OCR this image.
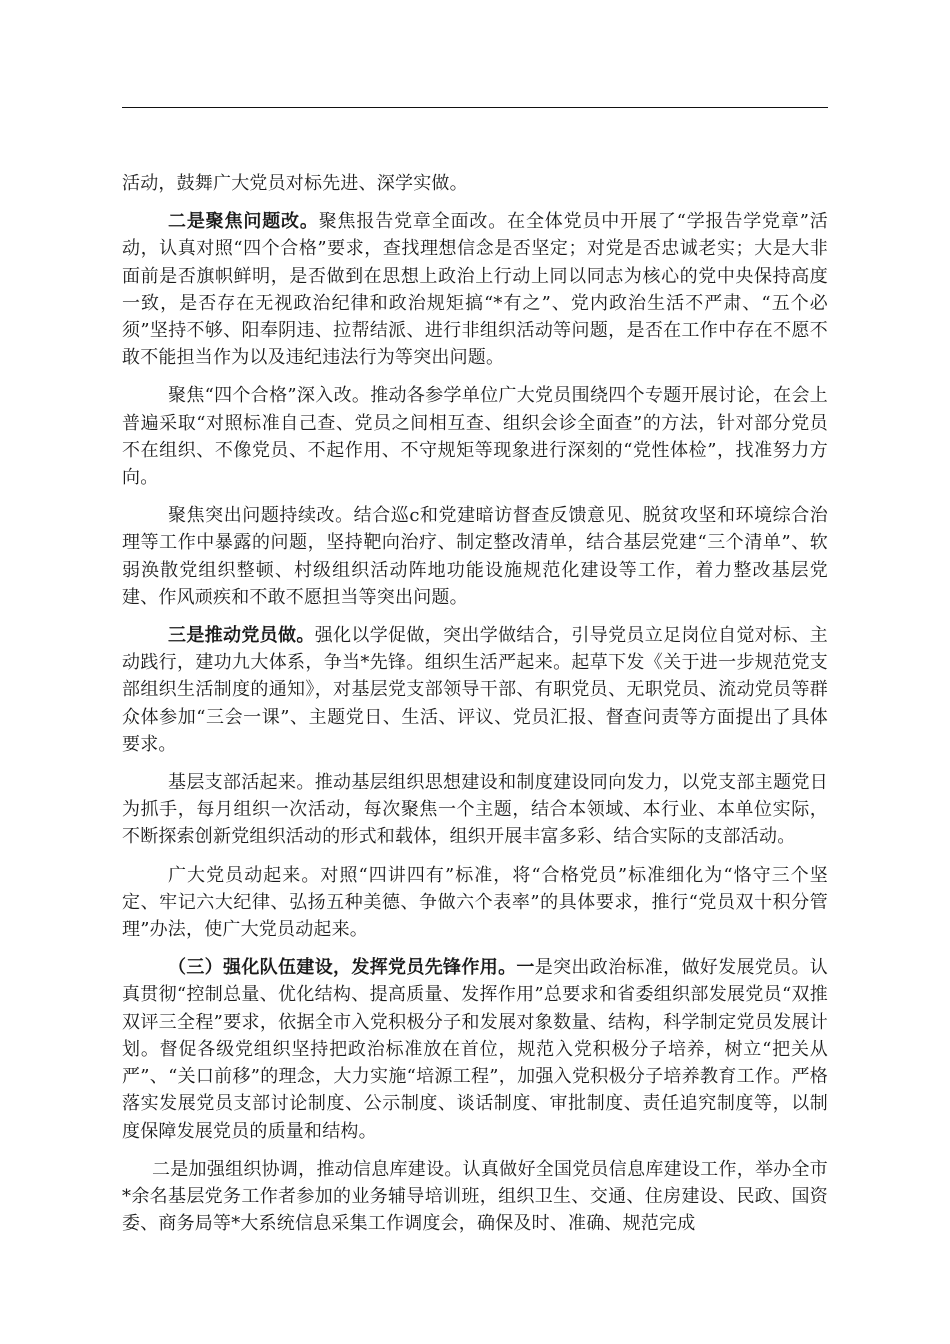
活动，鼓舞广大党员对标先进、深学实做。

二是聚焦问题改。聚焦报告党章全面改。在全体党员中开展了“学报告学党章”活动，认真对照“四个合格”要求，查找理想信念是否坚定；对党是否忠诚老实；大是大非面前是否旗帜鲜明，是否做到在思想上政治上行动上同以同志为核心的党中央保持高度一致，是否存在无视政治纪律和政治规矩搞“*有之”、党内政治生活不严肃、“五个必须”坚持不够、阳奉阴违、拉帮结派、进行非组织活动等问题，是否在工作中存在不愿不敢不能担当作为以及违纪违法行为等突出问题。

聚焦“四个合格”深入改。推动各参学单位广大党员围绕四个专题开展讨论，在会上普遍采取“对照标准自己查、党员之间相互查、组织会诊全面查”的方法，针对部分党员不在组织、不像党员、不起作用、不守规矩等现象进行深刻的“党性体检”，找准努力方向。

聚焦突出问题持续改。结合巡c和党建暗访督查反馈意见、脱贫攻坚和环境综合治理等工作中暴露的问题，坚持靶向治疗、制定整改清单，结合基层党建“三个清单”、软弱涣散党组织整顿、村级组织活动阵地功能设施规范化建设等工作，着力整改基层党建、作风顽疾和不敢不愿担当等突出问题。

三是推动党员做。强化以学促做，突出学做结合，引导党员立足岗位自觉对标、主动践行，建功九大体系，争当*先锋。组织生活严起来。起草下发《关于进一步规范党支部组织生活制度的通知》，对基层党支部领导干部、有职党员、无职党员、流动党员等群众体参加“三会一课”、主题党日、生活、评议、党员汇报、督查问责等方面提出了具体要求。

基层支部活起来。推动基层组织思想建设和制度建设同向发力，以党支部主题党日为抓手，每月组织一次活动，每次聚焦一个主题，结合本领域、本行业、本单位实际，不断探索创新党组织活动的形式和载体，组织开展丰富多彩、结合实际的支部活动。

广大党员动起来。对照“四讲四有”标准，将“合格党员”标准细化为“恪守三个坚定、牢记六大纪律、弘扬五种美德、争做六个表率”的具体要求，推行“党员双十积分管理”办法，使广大党员动起来。

（三）强化队伍建设，发挥党员先锋作用。一是突出政治标准，做好发展党员。认真贯彻“控制总量、优化结构、提高质量、发挥作用”总要求和省委组织部发展党员“双推双评三全程”要求，依据全市入党积极分子和发展对象数量、结构，科学制定党员发展计划。督促各级党组织坚持把政治标准放在首位，规范入党积极分子培养，树立“把关从严”、“关口前移”的理念，大力实施“培源工程”，加强入党积极分子培养教育工作。严格落实发展党员支部讨论制度、公示制度、谈话制度、审批制度、责任追究制度等，以制度保障发展党员的质量和结构。

二是加强组织协调，推动信息库建设。认真做好全国党员信息库建设工作，举办全市*余名基层党务工作者参加的业务辅导培训班，组织卫生、交通、住房建设、民政、国资委、商务局等*大系统信息采集工作调度会，确保及时、准确、规范完成
